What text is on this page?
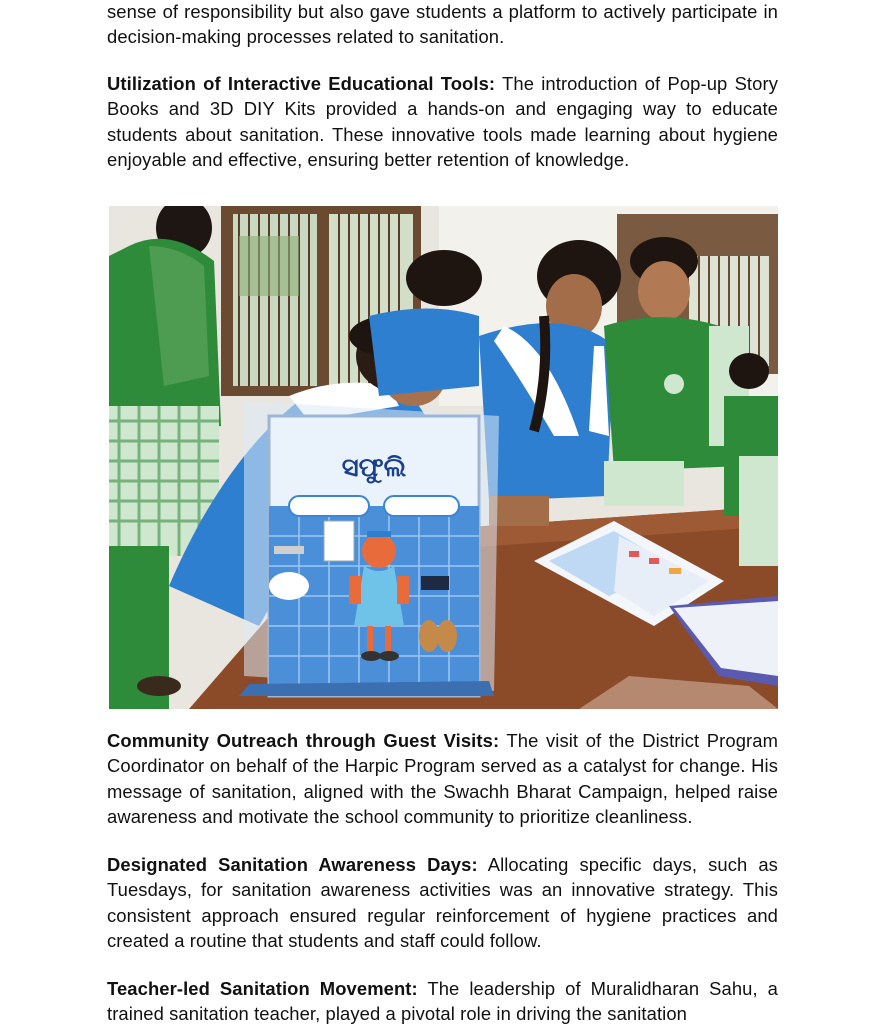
sense of responsibility but also gave students a platform to actively participate in decision-making processes related to sanitation.

Utilization of Interactive Educational Tools: The introduction of Pop-up Story Books and 3D DIY Kits provided a hands-on and engaging way to educate students about sanitation. These innovative tools made learning about hygiene enjoyable and effective, ensuring better retention of knowledge.

Community Outreach through Guest Visits: The visit of the District Program Coordinator on behalf of the Harpic Program served as a catalyst for change. His message of sanitation, aligned with the Swachh Bharat Campaign, helped raise awareness and motivate the school community to prioritize cleanliness.

Designated Sanitation Awareness Days: Allocating specific days, such as Tuesdays, for sanitation awareness activities was an innovative strategy. This consistent approach ensured regular reinforcement of hygiene practices and created a routine that students and staff could follow.

Teacher-led Sanitation Movement: The leadership of Muralidharan Sahu, a trained sanitation teacher, played a pivotal role in driving the sanitation

ସଫୁଲି
